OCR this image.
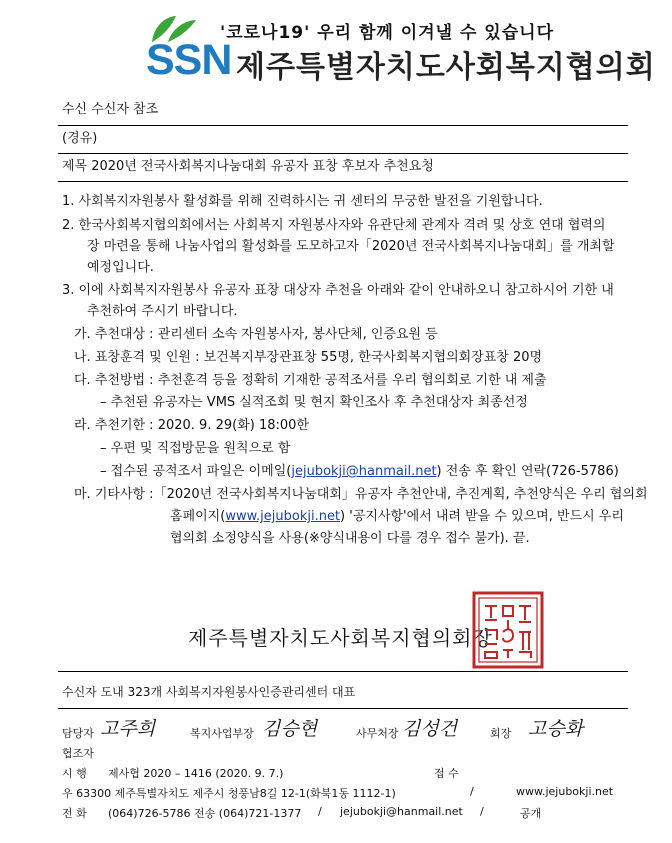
'코로나19' 우리 함께 이겨낼 수 있습니다
SSN 제주특별자치도사회복지협의회
수신 수신자 참조
(경유)
제목 2020년 전국사회복지나눔대회 유공자 표창 후보자 추천요청
1. 사회복지자원봉사 활성화를 위해 진력하시는 귀 센터의 무궁한 발전을 기원합니다.
2. 한국사회복지협의회에서는 사회복지 자원봉사자와 유관단체 관계자 격려 및 상호 연대 협력의
장 마련을 통해 나눔사업의 활성화를 도모하고자「2020년 전국사회복지나눔대회」를 개최할
예정입니다.
3. 이에 사회복지자원봉사 유공자 표창 대상자 추천을 아래와 같이 안내하오니 참고하시어 기한 내
추천하여 주시기 바랍니다.
가. 추천대상 : 관리센터 소속 자원봉사자, 봉사단체, 인증요원 등
나. 표창훈격 및 인원 : 보건복지부장관표창 55명, 한국사회복지협의회장표창 20명
다. 추천방법 : 추천훈격 등을 정확히 기재한 공적조서를 우리 협의회로 기한 내 제출
– 추천된 유공자는 VMS 실적조회 및 현지 확인조사 후 추천대상자 최종선정
라. 추천기한 : 2020. 9. 29(화) 18:00한
– 우편 및 직접방문을 원칙으로 함
– 접수된 공적조서 파일은 이메일(jejubokji@hanmail.net) 전송 후 확인 연락(726-5786)
마. 기타사항 :「2020년 전국사회복지나눔대회」유공자 추천안내, 추진계획, 추천양식은 우리 협의회
홈페이지(www.jejubokji.net) '공지사항'에서 내려 받을 수 있으며, 반드시 우리
협의회 소정양식을 사용(※양식내용이 다를 경우 접수 불가). 끝.
제주특별자치도사회복지협의회장
수신자 도내 323개 사회복지자원봉사인증관리센터 대표
담당자 고주희	복지사업부장 김승현	사무처장 김성건	회장 고승화
협조자
시 행 제사협 2020 – 1416 (2020. 9. 7.)	접 수
우 63300 제주특별자치도 제주시 청풍남8길 12-1(화북1동 1112-1)	/	www.jejubokji.net
전 화 (064)726-5786 전송 (064)721-1377 / jejubokji@hanmail.net /	공개
